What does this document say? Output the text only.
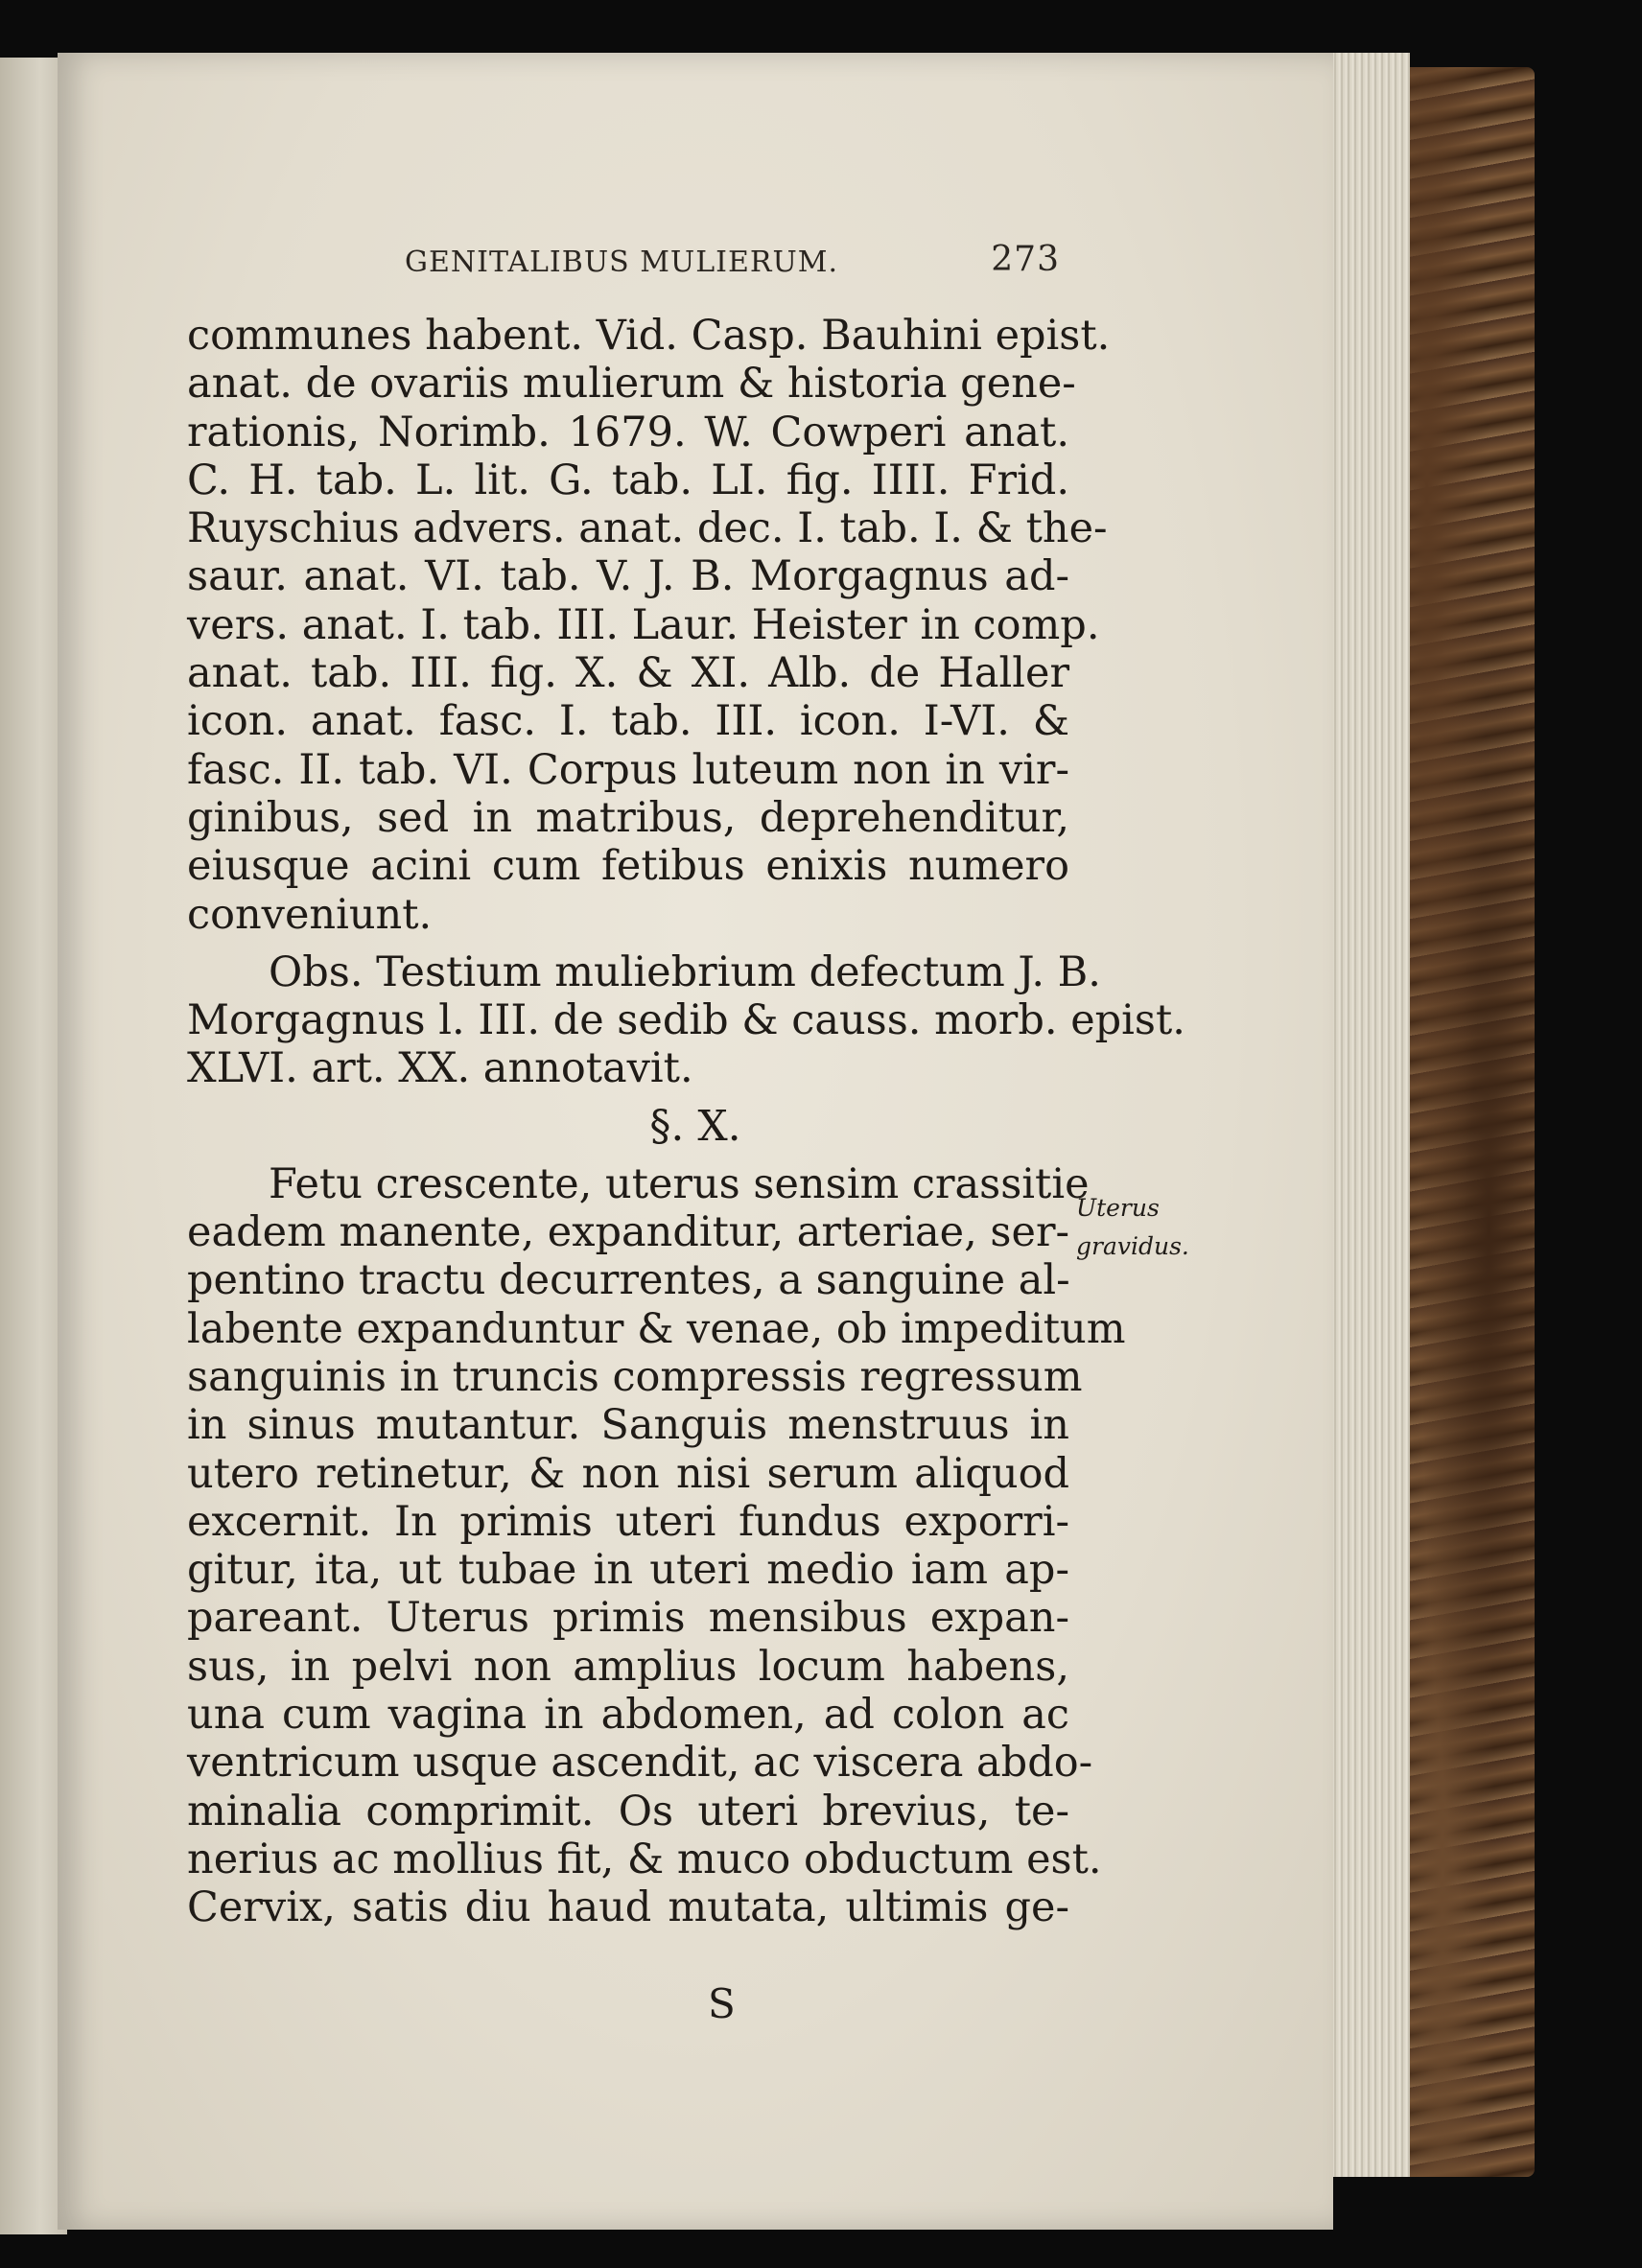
GENITALIBUS MULIERUM.	273
communes habent. Vid. Casp. Bauhini epist.
anat. de ovariis mulierum & historia gene-
rationis, Norimb. 1679. W. Cowperi anat.
C. H. tab. L. lit. G. tab. LI. fig. IIII. Frid.
Ruyschius advers. anat. dec. I. tab. I. & the-
saur. anat. VI. tab. V. J. B. Morgagnus ad-
vers. anat. I. tab. III. Laur. Heister in comp.
anat. tab. III. fig. X. & XI. Alb. de Haller
icon. anat. fasc. I. tab. III. icon. I-VI. &
fasc. II. tab. VI. Corpus luteum non in vir-
ginibus, sed in matribus, deprehenditur,
eiusque acini cum fetibus enixis numero
conveniunt.
Obs. Testium muliebrium defectum J. B.
Morgagnus l. III. de sedib & causs. morb. epist.
XLVI. art. XX. annotavit.
§. X.
Fetu crescente, uterus sensim crassitie
eadem manente, expanditur, arteriae, ser-
pentino tractu decurrentes, a sanguine al-
labente expanduntur & venae, ob impeditum
sanguinis in truncis compressis regressum
in sinus mutantur. Sanguis menstruus in
utero retinetur, & non nisi serum aliquod
excernit. In primis uteri fundus exporri-
gitur, ita, ut tubae in uteri medio iam ap-
pareant. Uterus primis mensibus expan-
sus, in pelvi non amplius locum habens,
una cum vagina in abdomen, ad colon ac
ventricum usque ascendit, ac viscera abdo-
minalia comprimit. Os uteri brevius, te-
nerius ac mollius fit, & muco obductum est.
Cervix, satis diu haud mutata, ultimis ge-
Uterus
gravidus.
S
